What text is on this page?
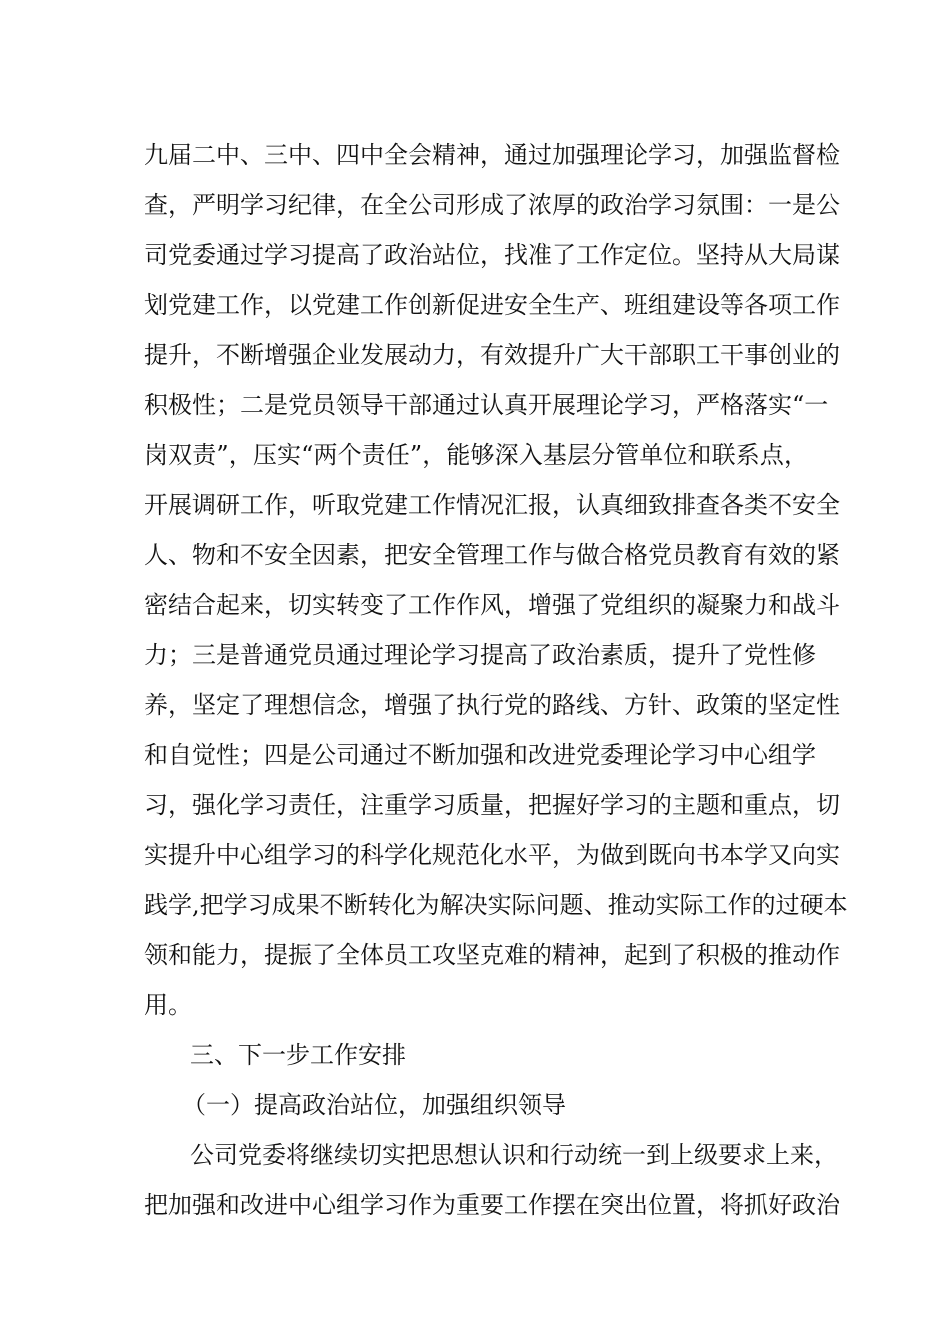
九届二中、三中、四中全会精神，通过加强理论学习，加强监督检
查，严明学习纪律，在全公司形成了浓厚的政治学习氛围：一是公
司党委通过学习提高了政治站位，找准了工作定位。坚持从大局谋
划党建工作，以党建工作创新促进安全生产、班组建设等各项工作
提升，不断增强企业发展动力，有效提升广大干部职工干事创业的
积极性；二是党员领导干部通过认真开展理论学习，严格落实“一
岗双责”，压实“两个责任”，能够深入基层分管单位和联系点，
开展调研工作，听取党建工作情况汇报，认真细致排查各类不安全
人、物和不安全因素，把安全管理工作与做合格党员教育有效的紧
密结合起来，切实转变了工作作风，增强了党组织的凝聚力和战斗
力；三是普通党员通过理论学习提高了政治素质，提升了党性修
养，坚定了理想信念，增强了执行党的路线、方针、政策的坚定性
和自觉性；四是公司通过不断加强和改进党委理论学习中心组学
习，强化学习责任，注重学习质量，把握好学习的主题和重点，切
实提升中心组学习的科学化规范化水平，为做到既向书本学又向实
践学,把学习成果不断转化为解决实际问题、推动实际工作的过硬本
领和能力，提振了全体员工攻坚克难的精神，起到了积极的推动作
用。
三、下一步工作安排
（一）提高政治站位，加强组织领导
公司党委将继续切实把思想认识和行动统一到上级要求上来，
把加强和改进中心组学习作为重要工作摆在突出位置，将抓好政治
